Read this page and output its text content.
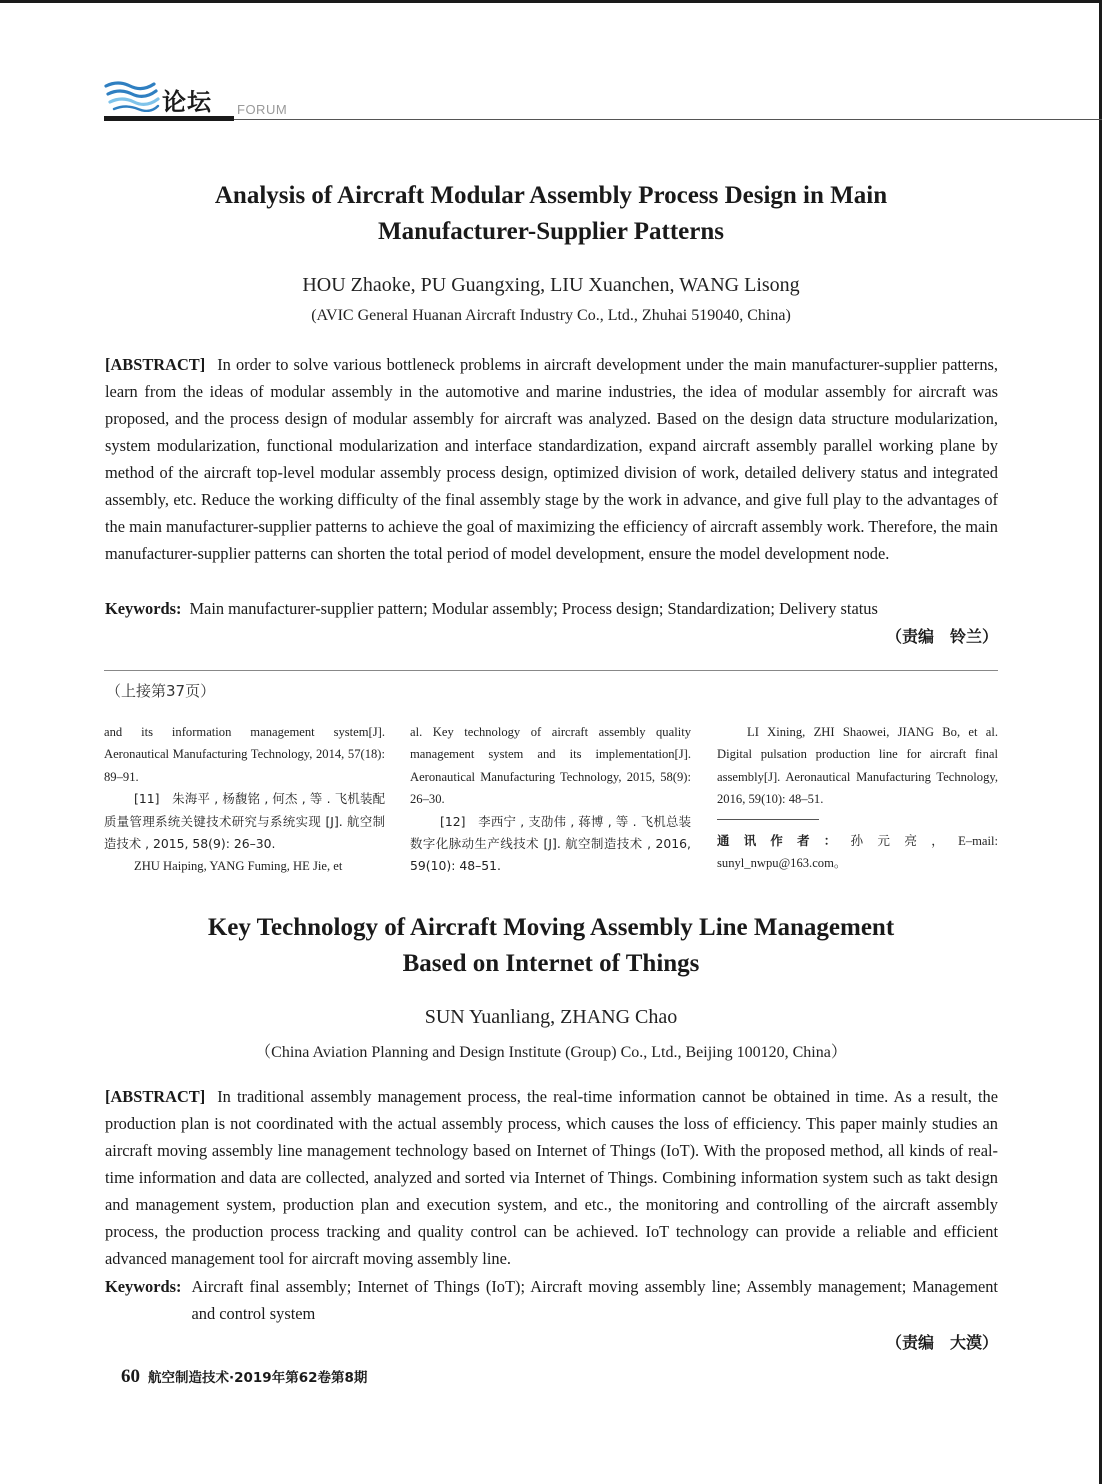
论坛 FORUM
Analysis of Aircraft Modular Assembly Process Design in Main
Manufacturer-Supplier Patterns
HOU Zhaoke, PU Guangxing, LIU Xuanchen, WANG Lisong
(AVIC General Huanan Aircraft Industry Co., Ltd., Zhuhai 519040, China)

[ABSTRACT] In order to solve various bottleneck problems in aircraft development under the main manufacturer-supplier patterns, learn from the ideas of modular assembly in the automotive and marine industries, the idea of modular assembly for aircraft was proposed, and the process design of modular assembly for aircraft was analyzed. Based on the design data structure modularization, system modularization, functional modularization and interface standardization, expand aircraft assembly parallel working plane by method of the aircraft top-level modular assembly process design, optimized division of work, detailed delivery status and integrated assembly, etc. Reduce the working difficulty of the final assembly stage by the work in advance, and give full play to the advantages of the main manufacturer-supplier patterns to achieve the goal of maximizing the efficiency of aircraft assembly work. Therefore, the main manufacturer-supplier patterns can shorten the total period of model development, ensure the model development node.

Keywords: Main manufacturer-supplier pattern; Modular assembly; Process design; Standardization; Delivery status
（责编　铃兰）
（上接第37页）

and its information management system[J]. Aeronautical Manufacturing Technology, 2014, 57(18): 89–91.

[11]　朱海平 , 杨馥铭 , 何杰 , 等 . 飞机装配质量管理系统关键技术研究与系统实现 [J]. 航空制造技术 , 2015, 58(9): 26–30.

ZHU Haiping, YANG Fuming, HE Jie, et

al. Key technology of aircraft assembly quality management system and its implementation[J]. Aeronautical Manufacturing Technology, 2015, 58(9): 26–30.

[12]　李西宁 , 支劭伟 , 蒋博 , 等 . 飞机总装数字化脉动生产线技术 [J]. 航空制造技术 , 2016, 59(10): 48–51.

LI Xining, ZHI Shaowei, JIANG Bo, et al. Digital pulsation production line for aircraft final assembly[J]. Aeronautical Manufacturing Technology, 2016, 59(10): 48–51.

通讯作者：孙元亮，E–mail: sunyl_nwpu@163.com。

Key Technology of Aircraft Moving Assembly Line Management
Based on Internet of Things
SUN Yuanliang, ZHANG Chao
（China Aviation Planning and Design Institute (Group) Co., Ltd., Beijing 100120, China）

[ABSTRACT] In traditional assembly management process, the real-time information cannot be obtained in time. As a result, the production plan is not coordinated with the actual assembly process, which causes the loss of efficiency. This paper mainly studies an aircraft moving assembly line management technology based on Internet of Things (IoT). With the proposed method, all kinds of real-time information and data are collected, analyzed and sorted via Internet of Things. Combining information system such as takt design and management system, production plan and execution system, and etc., the monitoring and controlling of the aircraft assembly process, the production process tracking and quality control can be achieved. IoT technology can provide a reliable and efficient advanced management tool for aircraft moving assembly line.

Keywords: Aircraft final assembly; Internet of Things (IoT); Aircraft moving assembly line; Assembly management; Management and control system
（责编　大漠）
60 航空制造技术·2019年第62卷第8期
